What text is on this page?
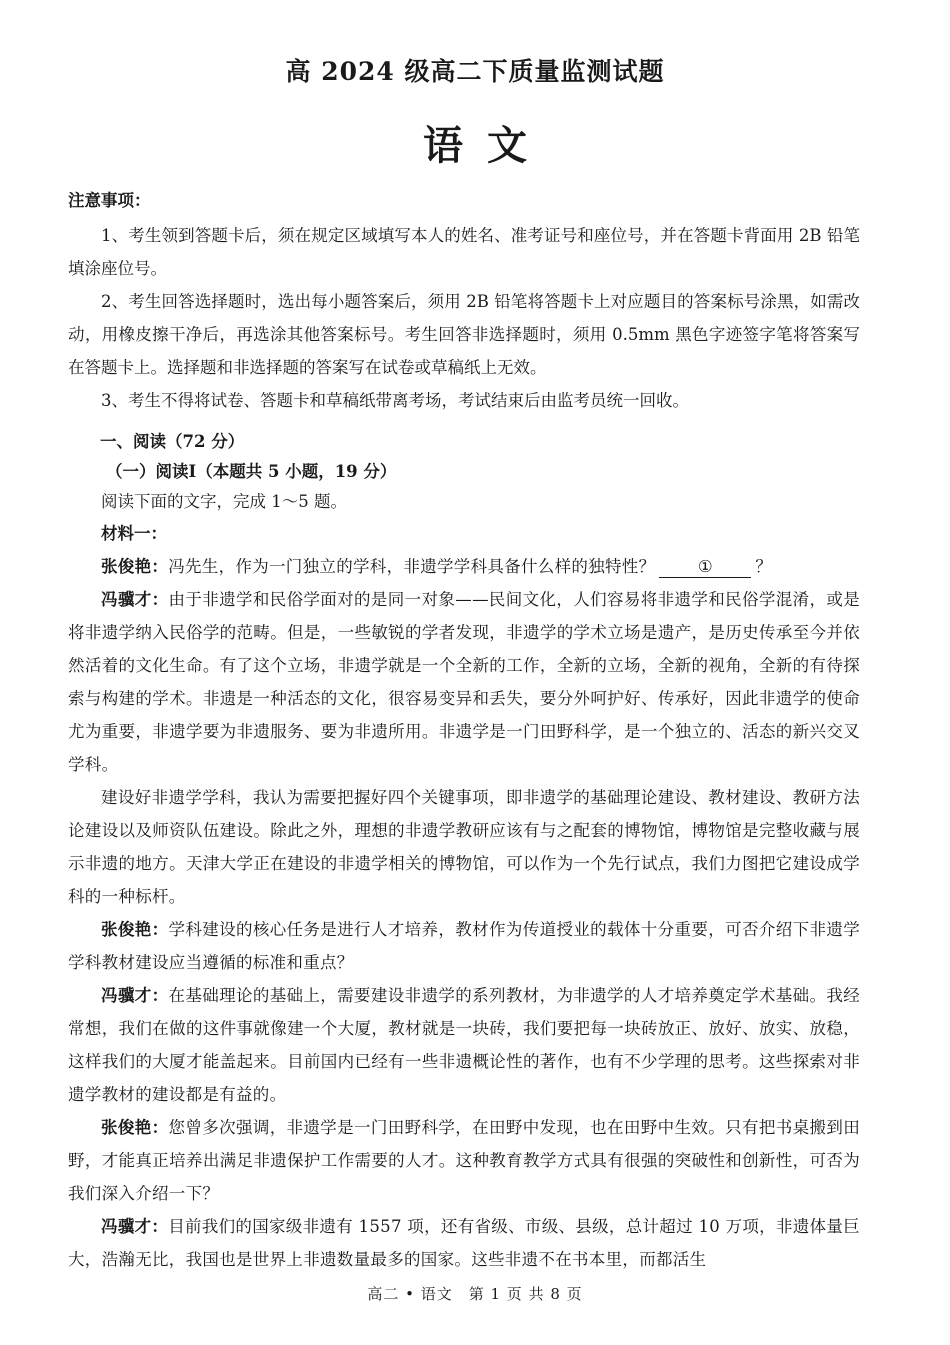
高 2024 级高二下质量监测试题
语文
注意事项：

1、考生领到答题卡后，须在规定区域填写本人的姓名、准考证号和座位号，并在答题卡背面用 2B 铅笔填涂座位号。

2、考生回答选择题时，选出每小题答案后，须用 2B 铅笔将答题卡上对应题目的答案标号涂黑，如需改动，用橡皮擦干净后，再选涂其他答案标号。考生回答非选择题时，须用 0.5mm 黑色字迹签字笔将答案写在答题卡上。选择题和非选择题的答案写在试卷或草稿纸上无效。

3、考生不得将试卷、答题卡和草稿纸带离考场，考试结束后由监考员统一回收。

一、阅读（72 分）
（一）阅读I（本题共 5 小题，19 分）
阅读下面的文字，完成 1～5 题。
材料一：

张俊艳：冯先生，作为一门独立的学科，非遗学学科具备什么样的独特性？	①	？

冯骥才：由于非遗学和民俗学面对的是同一对象——民间文化，人们容易将非遗学和民俗学混淆，或是将非遗学纳入民俗学的范畴。但是，一些敏锐的学者发现，非遗学的学术立场是遗产，是历史传承至今并依然活着的文化生命。有了这个立场，非遗学就是一个全新的工作，全新的立场，全新的视角，全新的有待探索与构建的学术。非遗是一种活态的文化，很容易变异和丢失，要分外呵护好、传承好，因此非遗学的使命尤为重要，非遗学要为非遗服务、要为非遗所用。非遗学是一门田野科学，是一个独立的、活态的新兴交叉学科。

建设好非遗学学科，我认为需要把握好四个关键事项，即非遗学的基础理论建设、教材建设、教研方法论建设以及师资队伍建设。除此之外，理想的非遗学教研应该有与之配套的博物馆，博物馆是完整收藏与展示非遗的地方。天津大学正在建设的非遗学相关的博物馆，可以作为一个先行试点，我们力图把它建设成学科的一种标杆。

张俊艳：学科建设的核心任务是进行人才培养，教材作为传道授业的载体十分重要，可否介绍下非遗学学科教材建设应当遵循的标准和重点？

冯骥才：在基础理论的基础上，需要建设非遗学的系列教材，为非遗学的人才培养奠定学术基础。我经常想，我们在做的这件事就像建一个大厦，教材就是一块砖，我们要把每一块砖放正、放好、放实、放稳，这样我们的大厦才能盖起来。目前国内已经有一些非遗概论性的著作，也有不少学理的思考。这些探索对非遗学教材的建设都是有益的。

张俊艳：您曾多次强调，非遗学是一门田野科学，在田野中发现，也在田野中生效。只有把书桌搬到田野，才能真正培养出满足非遗保护工作需要的人才。这种教育教学方式具有很强的突破性和创新性，可否为我们深入介绍一下？

冯骥才：目前我们的国家级非遗有 1557 项，还有省级、市级、县级，总计超过 10 万项，非遗体量巨大，浩瀚无比，我国也是世界上非遗数量最多的国家。这些非遗不在书本里，而都活生

高二 • 语文　第 1 页 共 8 页
